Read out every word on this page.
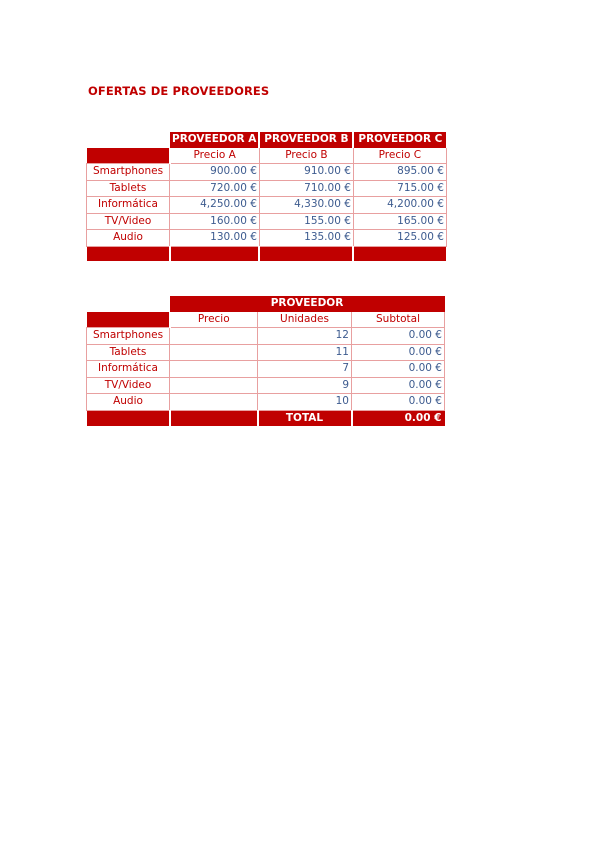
OFERTAS DE PROVEEDORES
	PROVEEDOR A	PROVEEDOR B	PROVEEDOR C
	Precio A	Precio B	Precio C
Smartphones	900.00 €	910.00 €	895.00 €
Tablets	720.00 €	710.00 €	715.00 €
Informática	4,250.00 €	4,330.00 €	4,200.00 €
TV/Video	160.00 €	155.00 €	165.00 €
Audio	130.00 €	135.00 €	125.00 €

	PROVEEDOR		
	Precio	Unidades	Subtotal
Smartphones		12	0.00 €
Tablets		11	0.00 €
Informática		7	0.00 €
TV/Video		9	0.00 €
Audio		10	0.00 €
		TOTAL	0.00 €
